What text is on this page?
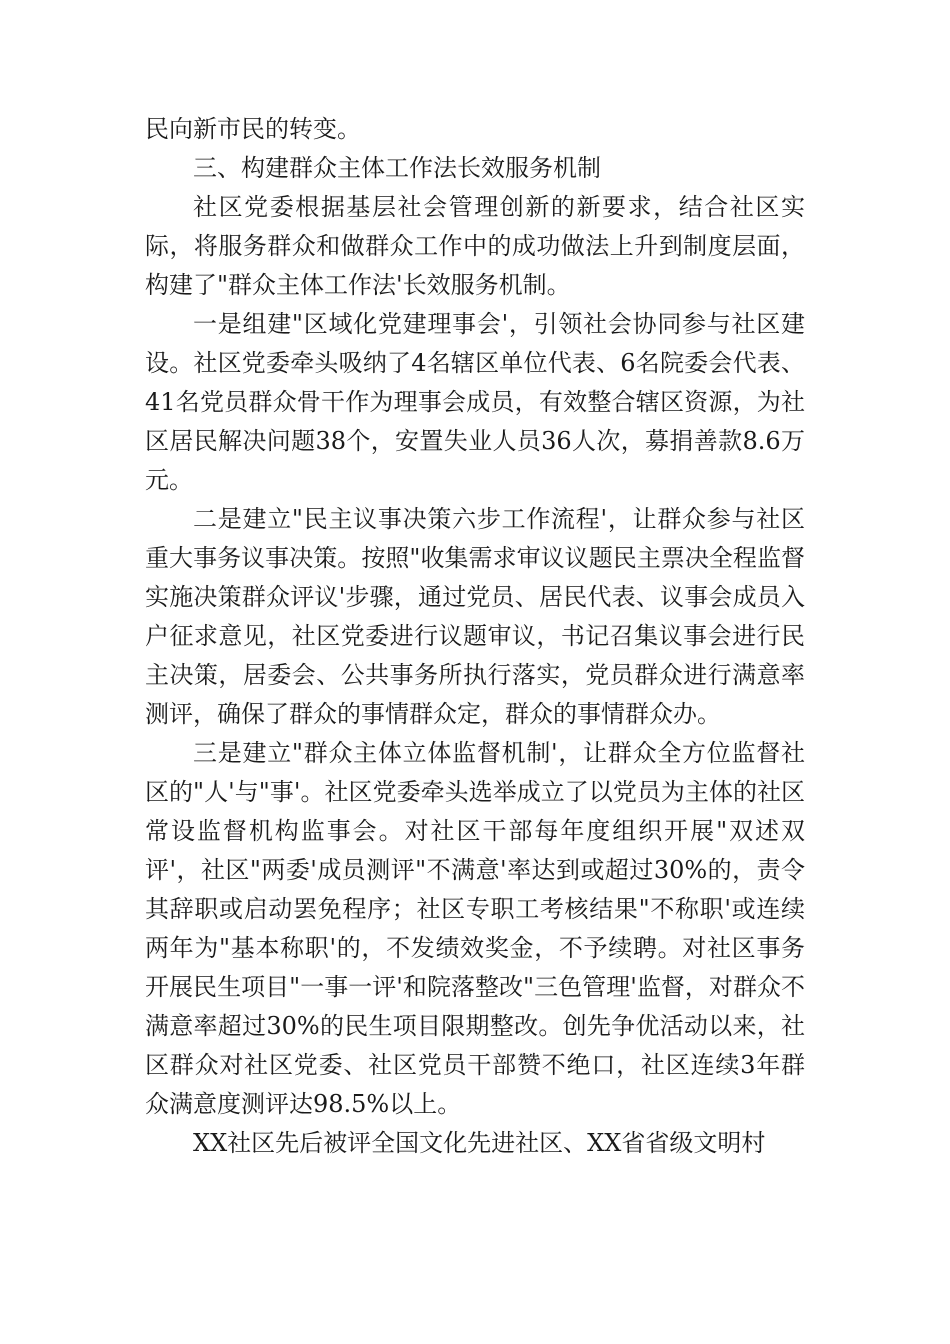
民向新市民的转变。

三、构建群众主体工作法长效服务机制

社区党委根据基层社会管理创新的新要求，结合社区实际，将服务群众和做群众工作中的成功做法上升到制度层面，构建了"群众主体工作法'长效服务机制。

一是组建"区域化党建理事会'，引领社会协同参与社区建设。社区党委牵头吸纳了4名辖区单位代表、6名院委会代表、41名党员群众骨干作为理事会成员，有效整合辖区资源，为社区居民解决问题38个，安置失业人员36人次，募捐善款8.6万元。

二是建立"民主议事决策六步工作流程'，让群众参与社区重大事务议事决策。按照"收集需求审议议题民主票决全程监督实施决策群众评议'步骤，通过党员、居民代表、议事会成员入户征求意见，社区党委进行议题审议，书记召集议事会进行民主决策，居委会、公共事务所执行落实，党员群众进行满意率测评，确保了群众的事情群众定，群众的事情群众办。

三是建立"群众主体立体监督机制'，让群众全方位监督社区的"人'与"事'。社区党委牵头选举成立了以党员为主体的社区常设监督机构监事会。对社区干部每年度组织开展"双述双评'，社区"两委'成员测评"不满意'率达到或超过30%的，责令其辞职或启动罢免程序；社区专职工考核结果"不称职'或连续两年为"基本称职'的，不发绩效奖金，不予续聘。对社区事务开展民生项目"一事一评'和院落整改"三色管理'监督，对群众不满意率超过30%的民生项目限期整改。创先争优活动以来，社区群众对社区党委、社区党员干部赞不绝口，社区连续3年群众满意度测评达98.5%以上。

XX社区先后被评全国文化先进社区、XX省省级文明村
